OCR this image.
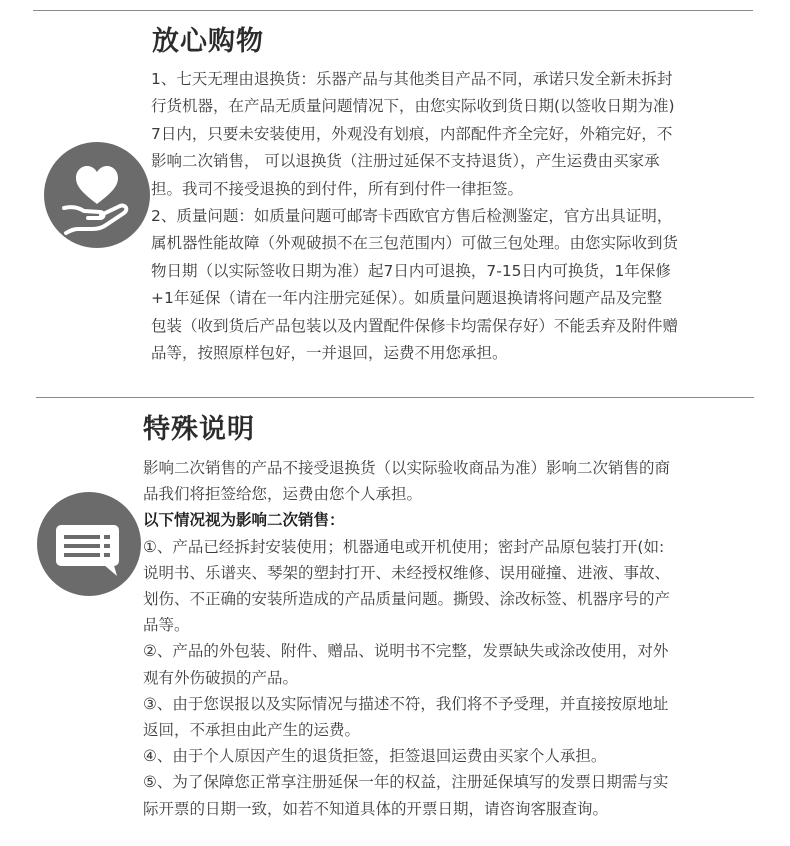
放心购物

1、七天无理由退换货：乐器产品与其他类目产品不同，承诺只发全新未拆封
行货机器，在产品无质量问题情况下，由您实际收到货日期(以签收日期为准)
7日内，只要未安装使用，外观没有划痕，内部配件齐全完好，外箱完好，不
影响二次销售， 可以退换货（注册过延保不支持退货），产生运费由买家承
担。我司不接受退换的到付件，所有到付件一律拒签。

2、质量问题：如质量问题可邮寄卡西欧官方售后检测鉴定，官方出具证明，
属机器性能故障（外观破损不在三包范围内）可做三包处理。由您实际收到货
物日期（以实际签收日期为准）起7日内可退换，7-15日内可换货，1年保修
+1年延保（请在一年内注册完延保）。如质量问题退换请将问题产品及完整
包装（收到货后产品包装以及内置配件保修卡均需保存好）不能丢弃及附件赠
品等，按照原样包好，一并退回，运费不用您承担。

特殊说明

影响二次销售的产品不接受退换货（以实际验收商品为准）影响二次销售的商
品我们将拒签给您，运费由您个人承担。

以下情况视为影响二次销售：

①、产品已经拆封安装使用；机器通电或开机使用；密封产品原包装打开(如:
说明书、乐谱夹、琴架的塑封打开、未经授权维修、误用碰撞、进液、事故、
划伤、不正确的安装所造成的产品质量问题。撕毁、涂改标签、机器序号的产
品等。

②、产品的外包装、附件、赠品、说明书不完整，发票缺失或涂改使用，对外
观有外伤破损的产品。

③、由于您误报以及实际情况与描述不符，我们将不予受理，并直接按原地址
返回，不承担由此产生的运费。

④、由于个人原因产生的退货拒签，拒签退回运费由买家个人承担。

⑤、为了保障您正常享注册延保一年的权益，注册延保填写的发票日期需与实
际开票的日期一致，如若不知道具体的开票日期，请咨询客服查询。
